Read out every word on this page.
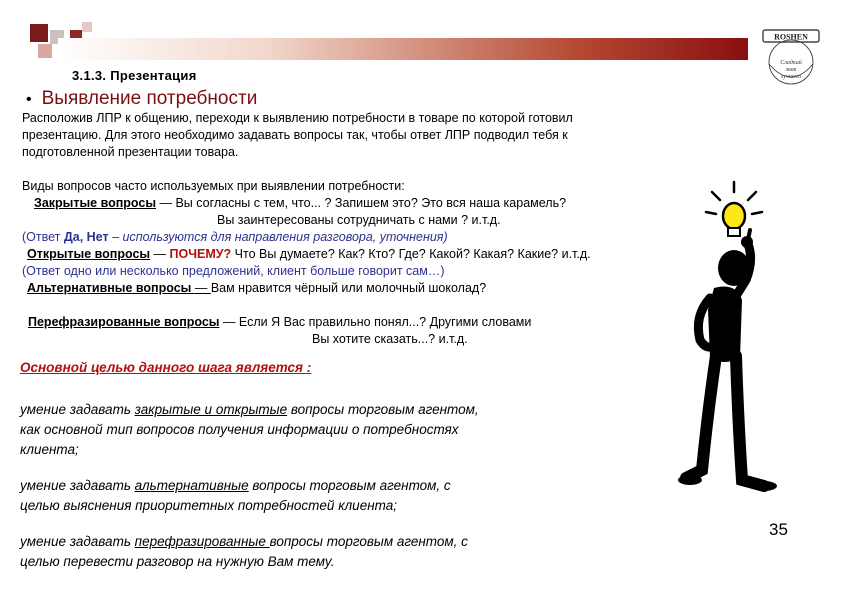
ROSHEN
Сладкий
знак
лучшего
3.1.3. Презентация
• Выявление потребности
Расположив ЛПР к общению, переходи к выявлению потребности в товаре по которой готовил
презентацию. Для этого необходимо задавать вопросы так, чтобы ответ ЛПР подводил тебя к
подготовленной презентации товара.
Виды вопросов часто используемых при выявлении потребности:
Закрытые вопросы — Вы согласны с тем, что... ? Запишем это? Это вся наша карамель?
Вы заинтересованы сотрудничать с нами ? и.т.д.
(Ответ Да, Нет – используются для направления разговора, уточнения)
Открытые вопросы — ПОЧЕМУ? Что Вы думаете? Как? Кто? Где? Какой? Какая? Какие? и.т.д.
(Ответ одно или несколько предложений, клиент больше говорит сам…)
Альтернативные вопросы — Вам нравится чёрный или молочный шоколад?
Перефразированные вопросы — Если Я Вас правильно понял...? Другими словами
Вы хотите сказать...? и.т.д.
Основной целью данного шага является :
умение задавать закрытые и открытые вопросы торговым агентом,
как основной тип вопросов получения информации о потребностях
клиента;
умение задавать альтернативные вопросы торговым агентом, с
целью выяснения приоритетных потребностей клиента;
умение задавать перефразированные вопросы торговым агентом, с
целью перевести разговор на нужную Вам тему.
35
